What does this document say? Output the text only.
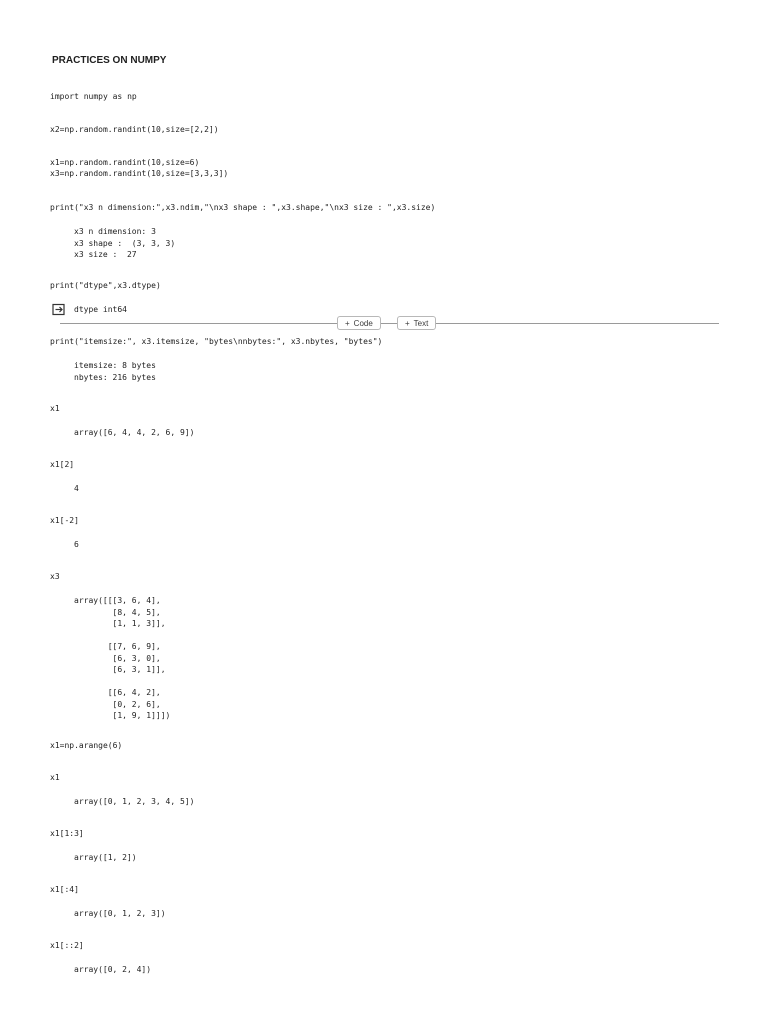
PRACTICES ON NUMPY
import numpy as np
x2=np.random.randint(10,size=[2,2])
x1=np.random.randint(10,size=6)
x3=np.random.randint(10,size=[3,3,3])
print("x3 n dimension:",x3.ndim,"\nx3 shape : ",x3.shape,"\nx3 size : ",x3.size)
x3 n dimension: 3
x3 shape :  (3, 3, 3)
x3 size :  27
print("dtype",x3.dtype)
dtype int64
+ Code	+ Text
print("itemsize:", x3.itemsize, "bytes\nnbytes:", x3.nbytes, "bytes")
itemsize: 8 bytes
nbytes: 216 bytes
x1
array([6, 4, 4, 2, 6, 9])
x1[2]
4
x1[-2]
6
x3
array([[[3, 6, 4],
[8, 4, 5],
[1, 1, 3]],

[[7, 6, 9],
[6, 3, 0],
[6, 3, 1]],

[[6, 4, 2],
[0, 2, 6],
[1, 9, 1]]])
x1=np.arange(6)
x1
array([0, 1, 2, 3, 4, 5])
x1[1:3]
array([1, 2])
x1[:4]
array([0, 1, 2, 3])
x1[::2]
array([0, 2, 4])
